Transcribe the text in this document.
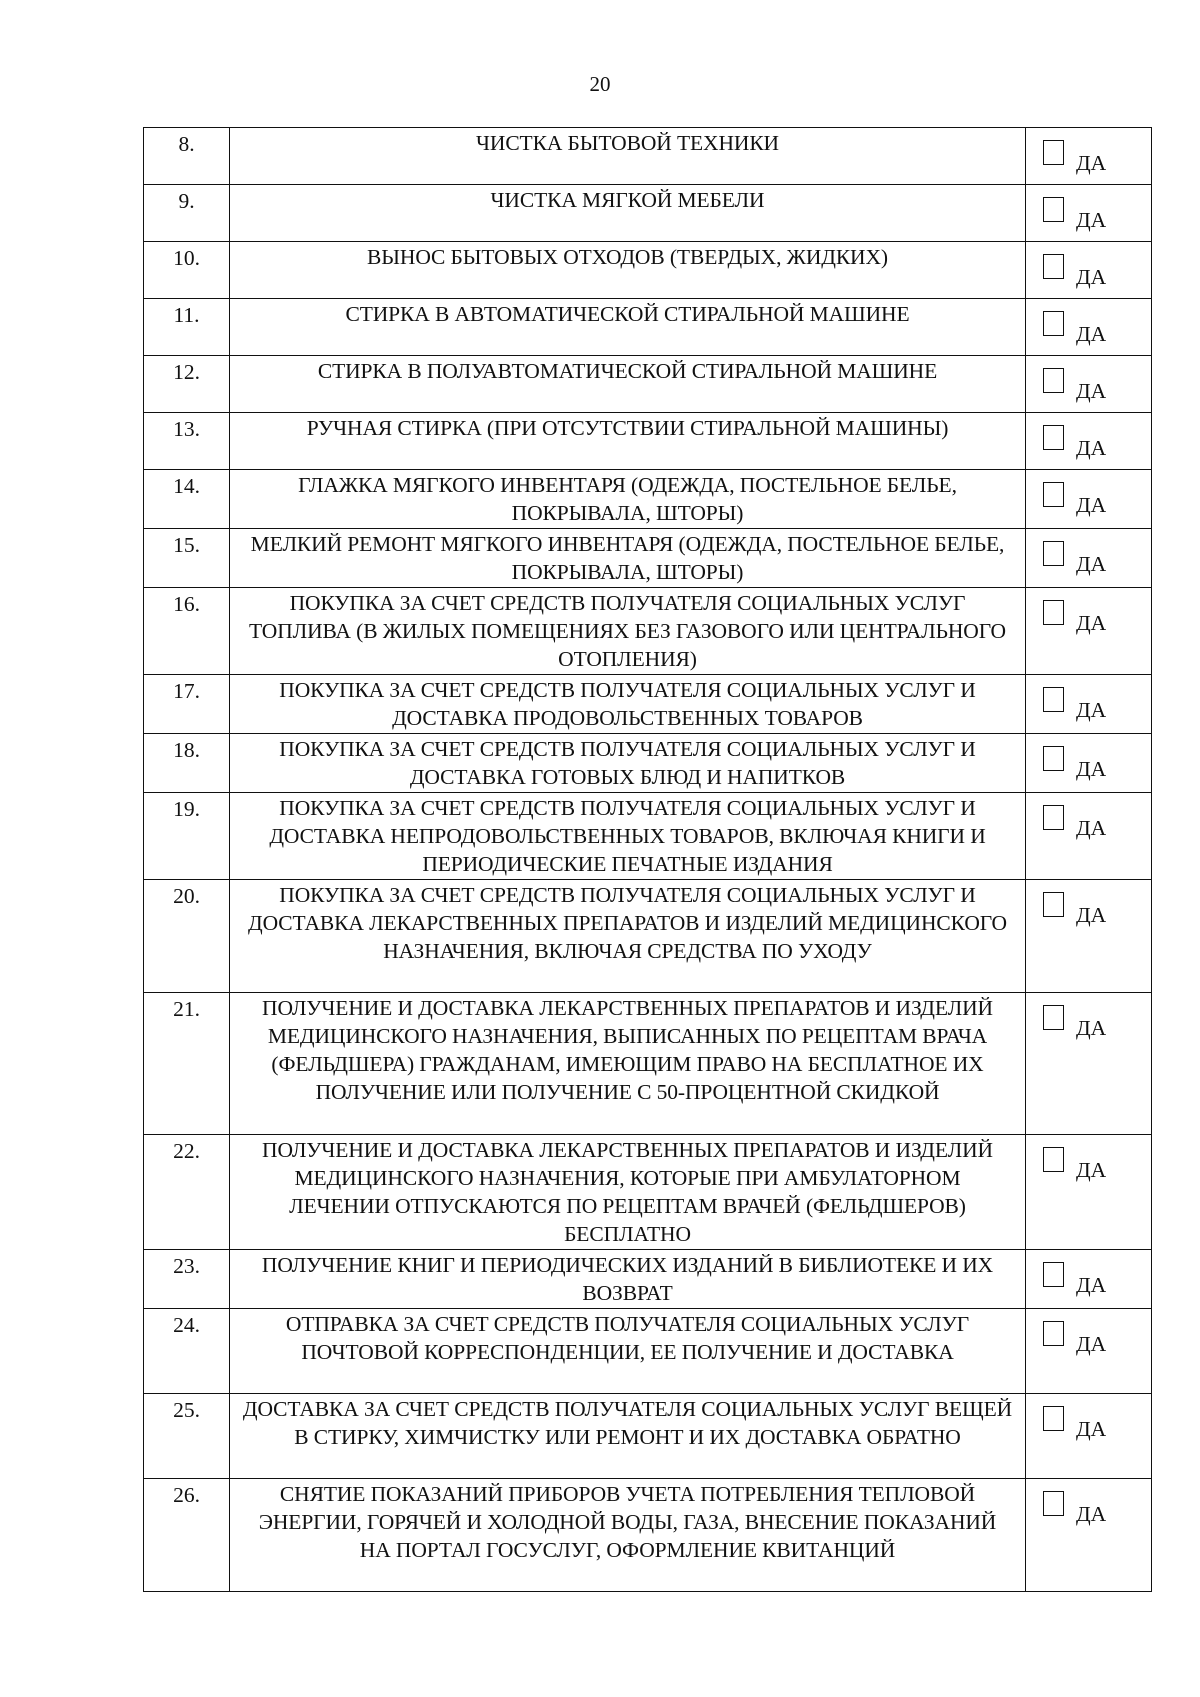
20
8.	ЧИСТКА БЫТОВОЙ ТЕХНИКИ	ДА

9.	ЧИСТКА МЯГКОЙ МЕБЕЛИ	ДА

10.	ВЫНОС БЫТОВЫХ ОТХОДОВ (ТВЕРДЫХ, ЖИДКИХ)	ДА

11.	СТИРКА В АВТОМАТИЧЕСКОЙ СТИРАЛЬНОЙ МАШИНЕ	ДА

12.	СТИРКА В ПОЛУАВТОМАТИЧЕСКОЙ СТИРАЛЬНОЙ МАШИНЕ	ДА

13.	РУЧНАЯ СТИРКА (ПРИ ОТСУТСТВИИ СТИРАЛЬНОЙ МАШИНЫ)	ДА

14.	ГЛАЖКА МЯГКОГО ИНВЕНТАРЯ (ОДЕЖДА, ПОСТЕЛЬНОЕ БЕЛЬЕ, ПОКРЫВАЛА, ШТОРЫ)	ДА

15.	МЕЛКИЙ РЕМОНТ МЯГКОГО ИНВЕНТАРЯ (ОДЕЖДА, ПОСТЕЛЬНОЕ БЕЛЬЕ, ПОКРЫВАЛА, ШТОРЫ)	ДА

16.	ПОКУПКА ЗА СЧЕТ СРЕДСТВ ПОЛУЧАТЕЛЯ СОЦИАЛЬНЫХ УСЛУГ ТОПЛИВА (В ЖИЛЫХ ПОМЕЩЕНИЯХ БЕЗ ГАЗОВОГО ИЛИ ЦЕНТРАЛЬНОГО ОТОПЛЕНИЯ)	ДА

17.	ПОКУПКА ЗА СЧЕТ СРЕДСТВ ПОЛУЧАТЕЛЯ СОЦИАЛЬНЫХ УСЛУГ И ДОСТАВКА ПРОДОВОЛЬСТВЕННЫХ ТОВАРОВ	ДА

18.	ПОКУПКА ЗА СЧЕТ СРЕДСТВ ПОЛУЧАТЕЛЯ СОЦИАЛЬНЫХ УСЛУГ И ДОСТАВКА ГОТОВЫХ БЛЮД И НАПИТКОВ	ДА

19.	ПОКУПКА ЗА СЧЕТ СРЕДСТВ ПОЛУЧАТЕЛЯ СОЦИАЛЬНЫХ УСЛУГ И ДОСТАВКА НЕПРОДОВОЛЬСТВЕННЫХ ТОВАРОВ, ВКЛЮЧАЯ КНИГИ И ПЕРИОДИЧЕСКИЕ ПЕЧАТНЫЕ ИЗДАНИЯ	ДА

20.	ПОКУПКА ЗА СЧЕТ СРЕДСТВ ПОЛУЧАТЕЛЯ СОЦИАЛЬНЫХ УСЛУГ И ДОСТАВКА ЛЕКАРСТВЕННЫХ ПРЕПАРАТОВ И ИЗДЕЛИЙ МЕДИЦИНСКОГО НАЗНАЧЕНИЯ, ВКЛЮЧАЯ СРЕДСТВА ПО УХОДУ	ДА

21.	ПОЛУЧЕНИЕ И ДОСТАВКА ЛЕКАРСТВЕННЫХ ПРЕПАРАТОВ И ИЗДЕЛИЙ МЕДИЦИНСКОГО НАЗНАЧЕНИЯ, ВЫПИСАННЫХ ПО РЕЦЕПТАМ ВРАЧА (ФЕЛЬДШЕРА) ГРАЖДАНАМ, ИМЕЮЩИМ ПРАВО НА БЕСПЛАТНОЕ ИХ ПОЛУЧЕНИЕ ИЛИ ПОЛУЧЕНИЕ С 50-ПРОЦЕНТНОЙ СКИДКОЙ	ДА

22.	ПОЛУЧЕНИЕ И ДОСТАВКА ЛЕКАРСТВЕННЫХ ПРЕПАРАТОВ И ИЗДЕЛИЙ МЕДИЦИНСКОГО НАЗНАЧЕНИЯ, КОТОРЫЕ ПРИ АМБУЛАТОРНОМ ЛЕЧЕНИИ ОТПУСКАЮТСЯ ПО РЕЦЕПТАМ ВРАЧЕЙ (ФЕЛЬДШЕРОВ) БЕСПЛАТНО	ДА

23.	ПОЛУЧЕНИЕ КНИГ И ПЕРИОДИЧЕСКИХ ИЗДАНИЙ В БИБЛИОТЕКЕ И ИХ ВОЗВРАТ	ДА

24.	ОТПРАВКА ЗА СЧЕТ СРЕДСТВ ПОЛУЧАТЕЛЯ СОЦИАЛЬНЫХ УСЛУГ ПОЧТОВОЙ КОРРЕСПОНДЕНЦИИ, ЕЕ ПОЛУЧЕНИЕ И ДОСТАВКА	ДА

25.	ДОСТАВКА ЗА СЧЕТ СРЕДСТВ ПОЛУЧАТЕЛЯ СОЦИАЛЬНЫХ УСЛУГ ВЕЩЕЙ В СТИРКУ, ХИМЧИСТКУ ИЛИ РЕМОНТ И ИХ ДОСТАВКА ОБРАТНО	ДА

26.	СНЯТИЕ ПОКАЗАНИЙ ПРИБОРОВ УЧЕТА ПОТРЕБЛЕНИЯ ТЕПЛОВОЙ ЭНЕРГИИ, ГОРЯЧЕЙ И ХОЛОДНОЙ ВОДЫ, ГАЗА, ВНЕСЕНИЕ ПОКАЗАНИЙ НА ПОРТАЛ ГОСУСЛУГ, ОФОРМЛЕНИЕ КВИТАНЦИЙ	ДА
